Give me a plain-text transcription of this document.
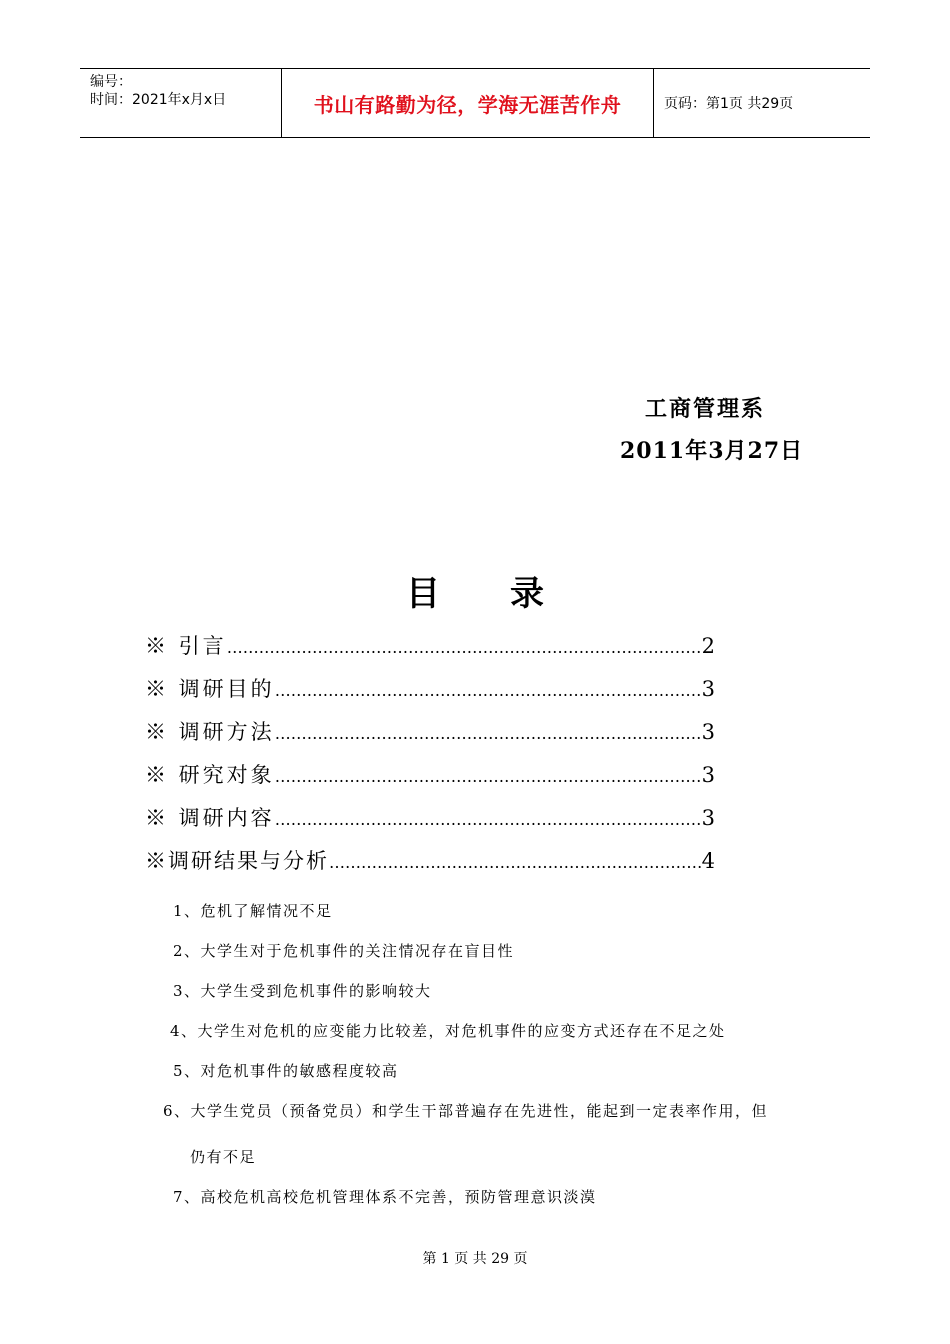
编号：
时间：2021年x月x日	书山有路勤为径，学海无涯苦作舟	页码：第1页 共29页
工商管理系
2011年3月27日
目 录
※ 引言 ……………………………………………………………………………………………………………………	2
※ 调研目的 ……………………………………………………………………………………………………………………	3
※ 调研方法 ……………………………………………………………………………………………………………………	3
※ 研究对象 ……………………………………………………………………………………………………………………	3
※ 调研内容 ……………………………………………………………………………………………………………………	3
※调研结果与分析 ……………………………………………………………………………………………………………………	4
1、危机了解情况不足
2、大学生对于危机事件的关注情况存在盲目性
3、大学生受到危机事件的影响较大
4、大学生对危机的应变能力比较差，对危机事件的应变方式还存在不足之处
5、对危机事件的敏感程度较高
6、大学生党员（预备党员）和学生干部普遍存在先进性，能起到一定表率作用，但
仍有不足
7、高校危机高校危机管理体系不完善，预防管理意识淡漠
第 1 页 共 29 页
